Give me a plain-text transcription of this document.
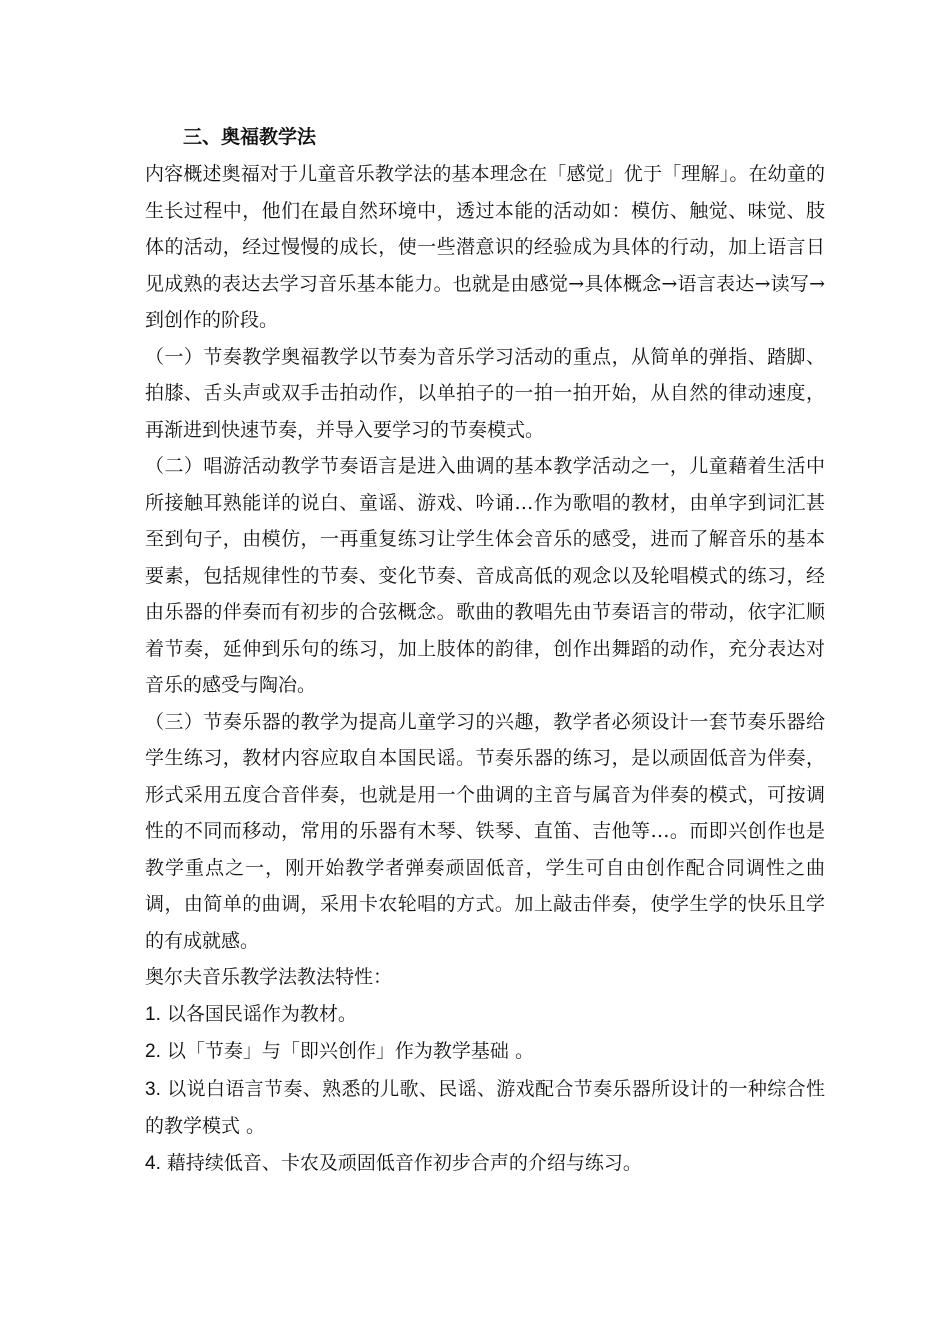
三、奥福教学法

内容概述奥福对于儿童音乐教学法的基本理念在「感觉」优于「理解」。在幼童的生长过程中，他们在最自然环境中，透过本能的活动如：模仿、触觉、味觉、肢体的活动，经过慢慢的成长，使一些潜意识的经验成为具体的行动，加上语言日见成熟的表达去学习音乐基本能力。也就是由感觉→具体概念→语言表达→读写→到创作的阶段。

（一）节奏教学奥福教学以节奏为音乐学习活动的重点，从简单的弹指、踏脚、拍膝、舌头声或双手击拍动作，以单拍子的一拍一拍开始，从自然的律动速度，再渐进到快速节奏，并导入要学习的节奏模式。

（二）唱游活动教学节奏语言是进入曲调的基本教学活动之一，儿童藉着生活中所接触耳熟能详的说白、童谣、游戏、吟诵…作为歌唱的教材，由单字到词汇甚至到句子，由模仿，一再重复练习让学生体会音乐的感受，进而了解音乐的基本要素，包括规律性的节奏、变化节奏、音成高低的观念以及轮唱模式的练习，经由乐器的伴奏而有初步的合弦概念。歌曲的教唱先由节奏语言的带动，依字汇顺着节奏，延伸到乐句的练习，加上肢体的韵律，创作出舞蹈的动作，充分表达对音乐的感受与陶冶。

（三）节奏乐器的教学为提高儿童学习的兴趣，教学者必须设计一套节奏乐器给学生练习，教材内容应取自本国民谣。节奏乐器的练习，是以顽固低音为伴奏，形式采用五度合音伴奏，也就是用一个曲调的主音与属音为伴奏的模式，可按调性的不同而移动，常用的乐器有木琴、铁琴、直笛、吉他等…。而即兴创作也是教学重点之一，刚开始教学者弹奏顽固低音，学生可自由创作配合同调性之曲调，由简单的曲调，采用卡农轮唱的方式。加上敲击伴奏，使学生学的快乐且学的有成就感。

奥尔夫音乐教学法教法特性：

1. 以各国民谣作为教材。

2. 以「节奏」与「即兴创作」作为教学基础 。

3. 以说白语言节奏、熟悉的儿歌、民谣、游戏配合节奏乐器所设计的一种综合性的教学模式 。

4. 藉持续低音、卡农及顽固低音作初步合声的介绍与练习。
